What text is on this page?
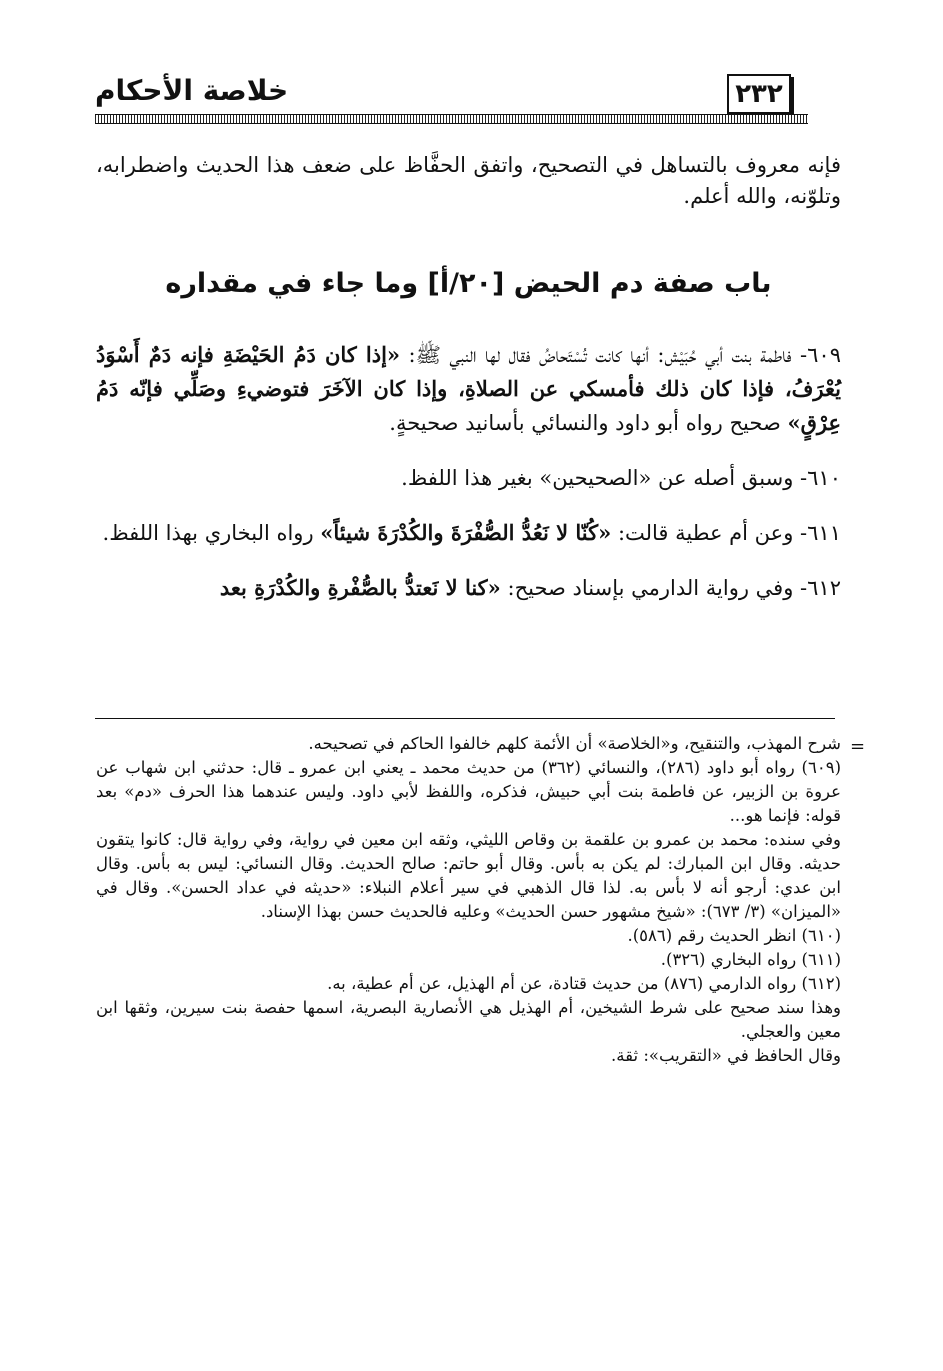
خلاصة الأحكام	٢٣٢
فإنه معروف بالتساهل في التصحيح، واتفق الحفَّاظ على ضعف هذا الحديث واضطرابه، وتلوّنه، والله أعلم.
باب صفة دم الحيض [٢٠/أ] وما جاء في مقداره

٦٠٩- فاطمة بنت أبي حُبَيْش: أنها كانت تُسْتَحاضُ فقال لها النبي ﷺ: «إذا كان دَمُ الحَيْضَةِ فإنه دَمٌ أَسْوَدُ يُعْرَفُ، فإذا كان ذلك فأمسكي عن الصلاةِ، وإذا كان الآخَرَ فتوضيءِ وصَلِّي فإنّه دَمُ عِرْقٍ» صحيح رواه أبو داود والنسائي بأسانيد صحيحةٍ.

٦١٠- وسبق أصله عن «الصحيحين» بغير هذا اللفظ.

٦١١- وعن أم عطية قالت: «كُنّا لا نَعُدُّ الصُّفْرَةَ والكُدْرَةَ شيئاً» رواه البخاري بهذا اللفظ.

٦١٢- وفي رواية الدارمي بإسناد صحيح: «كنا لا نَعتدُّ بالصُّفْرةِ والكُدْرَةِ بعد

=

شرح المهذب، والتنقيح، و«الخلاصة» أن الأئمة كلهم خالفوا الحاكم في تصحيحه.

(٦٠٩) رواه أبو داود (٢٨٦)، والنسائي (٣٦٢) من حديث محمد ـ يعني ابن عمرو ـ قال: حدثني ابن شهاب عن عروة بن الزبير، عن فاطمة بنت أبي حبيش، فذكره، واللفظ لأبي داود. وليس عندهما هذا الحرف «دم» بعد قوله: فإنما هو...

وفي سنده: محمد بن عمرو بن علقمة بن وقاص الليثي، وثقه ابن معين في رواية، وفي رواية قال: كانوا يتقون حديثه. وقال ابن المبارك: لم يكن به بأس. وقال أبو حاتم: صالح الحديث. وقال النسائي: ليس به بأس. وقال ابن عدي: أرجو أنه لا بأس به. لذا قال الذهبي في سير أعلام النبلاء: «حديثه في عداد الحسن». وقال في «الميزان» (٣/ ٦٧٣): «شيخ مشهور حسن الحديث» وعليه فالحديث حسن بهذا الإسناد.

(٦١٠) انظر الحديث رقم (٥٨٦).

(٦١١) رواه البخاري (٣٢٦).

(٦١٢) رواه الدارمي (٨٧٦) من حديث قتادة، عن أم الهذيل، عن أم عطية، به.

وهذا سند صحيح على شرط الشيخين، أم الهذيل هي الأنصارية البصرية، اسمها حفصة بنت سيرين، وثقها ابن معين والعجلي.

وقال الحافظ في «التقريب»: ثقة.
